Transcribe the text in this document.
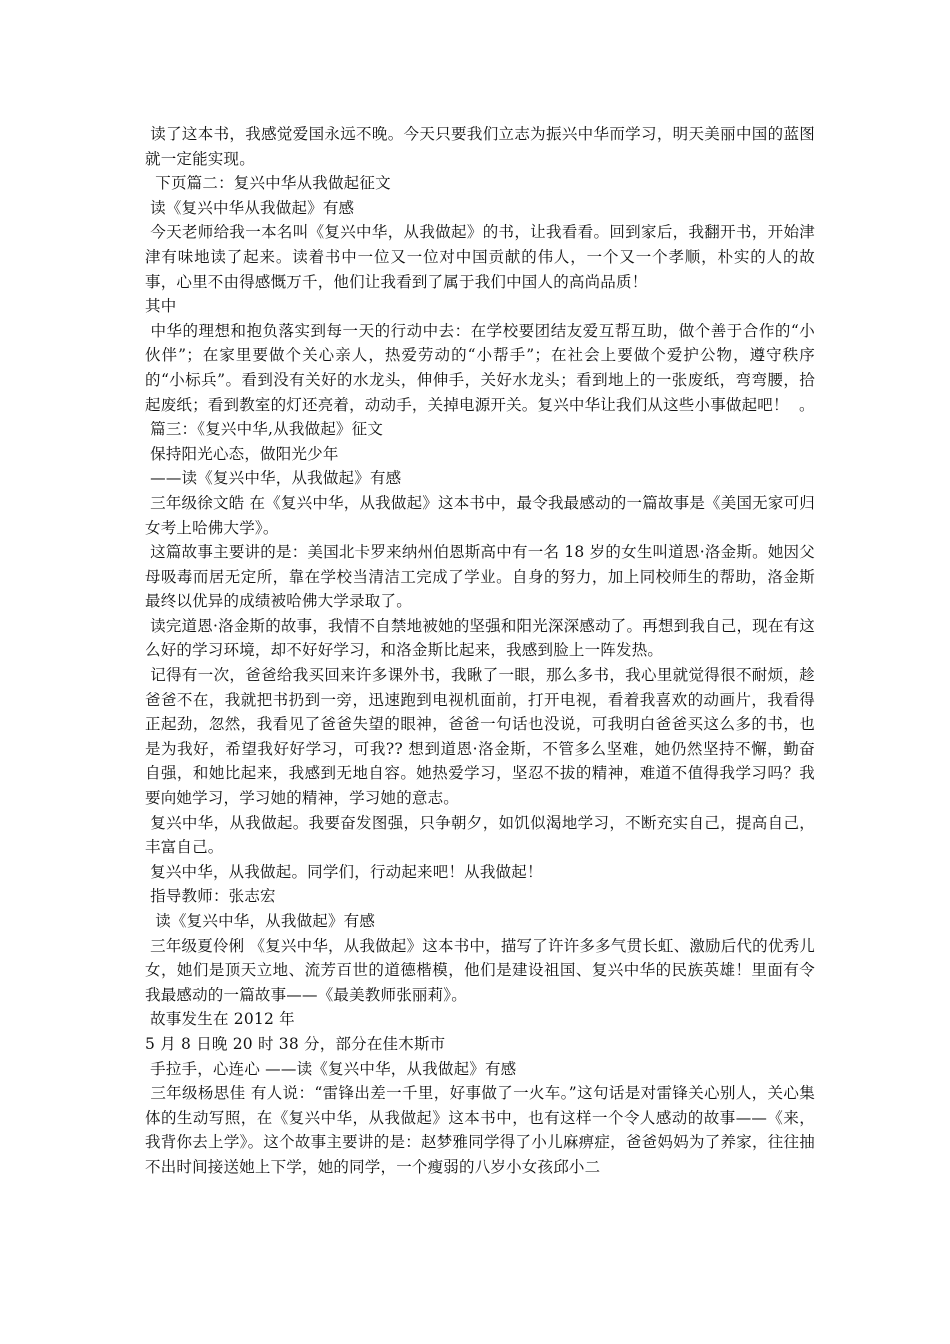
读了这本书，我感觉爱国永远不晚。今天只要我们立志为振兴中华而学习，明天美丽中国的蓝图就一定能实现。

下页篇二：复兴中华从我做起征文

读《复兴中华从我做起》有感

今天老师给我一本名叫《复兴中华，从我做起》的书，让我看看。回到家后，我翻开书，开始津津有味地读了起来。读着书中一位又一位对中国贡献的伟人，一个又一个孝顺，朴实的人的故事，心里不由得感慨万千，他们让我看到了属于我们中国人的高尚品质！

其中

中华的理想和抱负落实到每一天的行动中去：在学校要团结友爱互帮互助，做个善于合作的“小伙伴”；在家里要做个关心亲人，热爱劳动的“小帮手”；在社会上要做个爱护公物，遵守秩序的“小标兵”。看到没有关好的水龙头，伸伸手，关好水龙头；看到地上的一张废纸，弯弯腰，拾起废纸；看到教室的灯还亮着，动动手，关掉电源开关。复兴中华让我们从这些小事做起吧！  。

篇三：《复兴中华,从我做起》征文

保持阳光心态，做阳光少年

——读《复兴中华，从我做起》有感

三年级徐文皓 在《复兴中华，从我做起》这本书中，最令我最感动的一篇故事是《美国无家可归女考上哈佛大学》。

这篇故事主要讲的是：美国北卡罗来纳州伯恩斯高中有一名 18 岁的女生叫道恩·洛金斯。她因父母吸毒而居无定所，靠在学校当清洁工完成了学业。自身的努力，加上同校师生的帮助，洛金斯最终以优异的成绩被哈佛大学录取了。

读完道恩·洛金斯的故事，我情不自禁地被她的坚强和阳光深深感动了。再想到我自己，现在有这么好的学习环境，却不好好学习，和洛金斯比起来，我感到脸上一阵发热。

记得有一次，爸爸给我买回来许多课外书，我瞅了一眼，那么多书，我心里就觉得很不耐烦，趁爸爸不在，我就把书扔到一旁，迅速跑到电视机面前，打开电视，看着我喜欢的动画片，我看得正起劲，忽然，我看见了爸爸失望的眼神，爸爸一句话也没说，可我明白爸爸买这么多的书，也是为我好，希望我好好学习，可我?? 想到道恩·洛金斯，不管多么坚难，她仍然坚持不懈，勤奋自强，和她比起来，我感到无地自容。她热爱学习，坚忍不拔的精神，难道不值得我学习吗？我要向她学习，学习她的精神，学习她的意志。

复兴中华，从我做起。我要奋发图强，只争朝夕，如饥似渴地学习，不断充实自己，提高自己，丰富自己。

复兴中华，从我做起。同学们，行动起来吧！从我做起！

指导教师：张志宏

读《复兴中华，从我做起》有感

三年级夏伶俐 《复兴中华，从我做起》这本书中，描写了许许多多气贯长虹、激励后代的优秀儿女，她们是顶天立地、流芳百世的道德楷模，他们是建设祖国、复兴中华的民族英雄！里面有令我最感动的一篇故事——《最美教师张丽莉》。

故事发生在 2012 年

5 月 8 日晚 20 时 38 分，部分在佳木斯市

手拉手，心连心 ——读《复兴中华，从我做起》有感

三年级杨思佳 有人说：“雷锋出差一千里，好事做了一火车。”这句话是对雷锋关心别人，关心集体的生动写照，在《复兴中华，从我做起》这本书中，也有这样一个令人感动的故事——《来，我背你去上学》。这个故事主要讲的是：赵梦雅同学得了小儿麻痹症，爸爸妈妈为了养家，往往抽不出时间接送她上下学，她的同学，一个瘦弱的八岁小女孩邱小二
